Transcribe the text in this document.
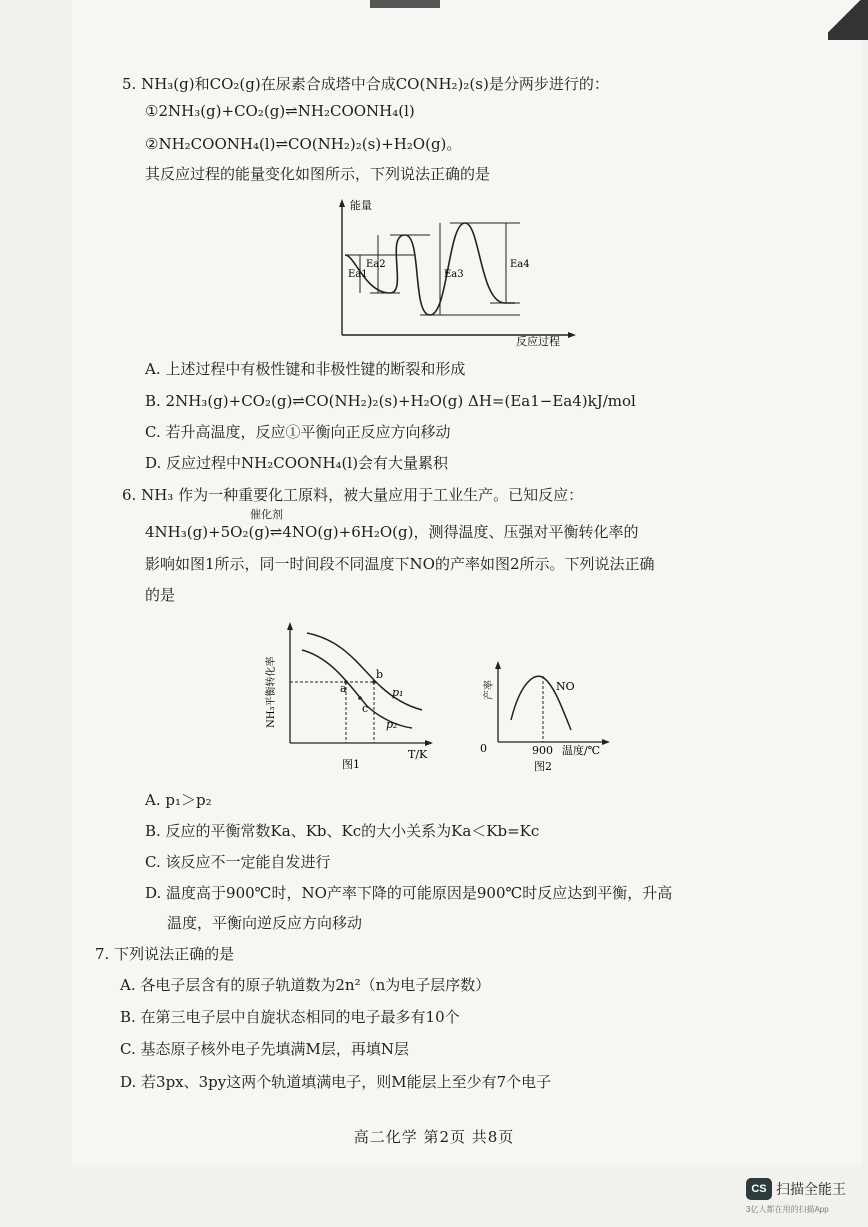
5. NH₃(g)和CO₂(g)在尿素合成塔中合成CO(NH₂)₂(s)是分两步进行的：
①2NH₃(g)+CO₂(g)⇌NH₂COONH₄(l)
②NH₂COONH₄(l)⇌CO(NH₂)₂(s)+H₂O(g)。
其反应过程的能量变化如图所示，下列说法正确的是
能量
反应过程
Ea1
Ea2
Ea3
Ea4
A. 上述过程中有极性键和非极性键的断裂和形成
B. 2NH₃(g)+CO₂(g)⇌CO(NH₂)₂(s)+H₂O(g) ΔH=(Ea1−Ea4)kJ/mol
C. 若升高温度，反应①平衡向正反应方向移动
D. 反应过程中NH₂COONH₄(l)会有大量累积
6. NH₃ 作为一种重要化工原料，被大量应用于工业生产。已知反应：
催化剂
4NH₃(g)+5O₂(g)⇌4NO(g)+6H₂O(g)，测得温度、压强对平衡转化率的
影响如图1所示，同一时间段不同温度下NO的产率如图2所示。下列说法正确
的是
NH₃平衡转化率
T/K
a
b
c
p₁
p₂
图1
产率	NO
0	900 温度/℃
图2
A. p₁＞p₂
B. 反应的平衡常数Ka、Kb、Kc的大小关系为Ka＜Kb=Kc
C. 该反应不一定能自发进行
D. 温度高于900℃时，NO产率下降的可能原因是900℃时反应达到平衡，升高
温度，平衡向逆反应方向移动
7. 下列说法正确的是
A. 各电子层含有的原子轨道数为2n²（n为电子层序数）
B. 在第三电子层中自旋状态相同的电子最多有10个
C. 基态原子核外电子先填满M层，再填N层
D. 若3px、3py这两个轨道填满电子，则M能层上至少有7个电子
高二化学 第2页 共8页
CS 扫描全能王
3亿人都在用的扫描App
